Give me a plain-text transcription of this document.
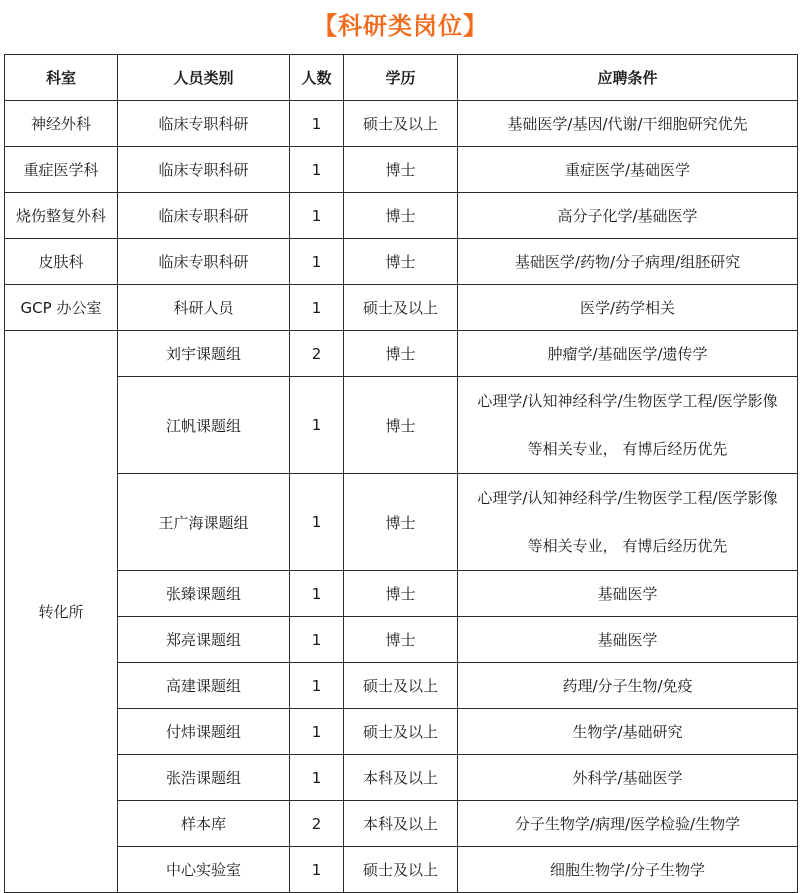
【科研类岗位】
科室	人员类别	人数	学历	应聘条件
神经外科	临床专职科研	1	硕士及以上	基础医学/基因/代谢/干细胞研究优先
重症医学科	临床专职科研	1	博士	重症医学/基础医学
烧伤整复外科	临床专职科研	1	博士	高分子化学/基础医学
皮肤科	临床专职科研	1	博士	基础医学/药物/分子病理/组胚研究
GCP 办公室	科研人员	1	硕士及以上	医学/药学相关
转化所	刘宇课题组	2	博士	肿瘤学/基础医学/遗传学
	江帆课题组	1	博士	心理学/认知神经科学/生物医学工程/医学影像
等相关专业， 有博后经历优先

	王广海课题组	1	博士	心理学/认知神经科学/生物医学工程/医学影像
等相关专业， 有博后经历优先

	张臻课题组	1	博士	基础医学
	郑亮课题组	1	博士	基础医学
	高建课题组	1	硕士及以上	药理/分子生物/免疫
	付炜课题组	1	硕士及以上	生物学/基础研究
	张浩课题组	1	本科及以上	外科学/基础医学
	样本库	2	本科及以上	分子生物学/病理/医学检验/生物学
	中心实验室	1	硕士及以上	细胞生物学/分子生物学
